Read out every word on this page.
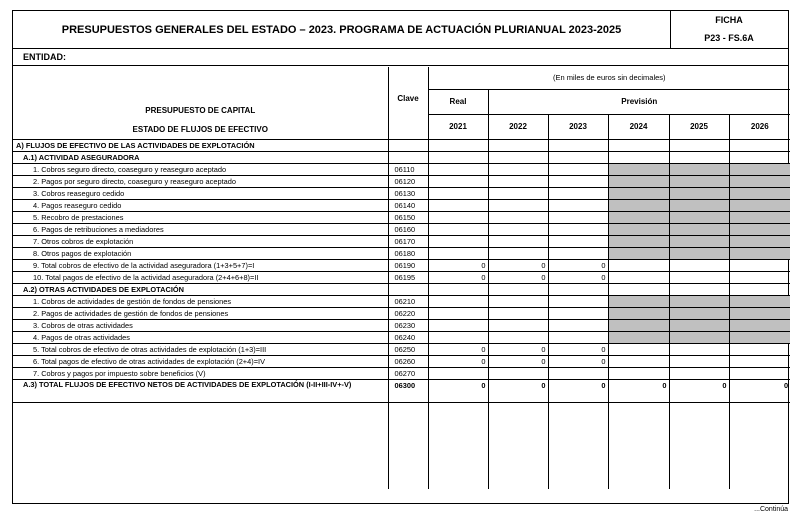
PRESUPUESTOS GENERALES DEL ESTADO – 2023. PROGRAMA DE ACTUACIÓN PLURIANUAL 2023-2025
FICHA
P23 - FS.6A
ENTIDAD:
PRESUPUESTO DE CAPITAL
ESTADO DE FLUJOS DE EFECTIVO	Clave	(En miles de euros sin decimales)					
		Real	Previsión				
		2021	2022	2023	2024	2025	2026
A) FLUJOS DE EFECTIVO DE LAS ACTIVIDADES DE EXPLOTACIÓN							
A.1) ACTIVIDAD ASEGURADORA							
1. Cobros seguro directo, coaseguro y reaseguro aceptado	06110						
2. Pagos por seguro directo, coaseguro y reaseguro aceptado	06120						
3. Cobros reaseguro cedido	06130						
4. Pagos reaseguro cedido	06140						
5. Recobro de prestaciones	06150						
6. Pagos de retribuciones a mediadores	06160						
7. Otros cobros de explotación	06170						
8. Otros pagos de explotación	06180						
9. Total cobros de efectivo de la actividad aseguradora (1+3+5+7)=I	06190	0	0	0			
10. Total pagos de efectivo de la actividad aseguradora (2+4+6+8)=II	06195	0	0	0			
A.2) OTRAS ACTIVIDADES DE EXPLOTACIÓN							
1. Cobros de actividades de gestión de fondos de pensiones	06210						
2. Pagos de actividades de gestión de fondos de pensiones	06220						
3. Cobros de otras actividades	06230						
4. Pagos de otras actividades	06240						
5. Total cobros de efectivo de otras actividades de explotación (1+3)=III	06250	0	0	0			
6. Total pagos de efectivo de otras actividades de explotación (2+4)=IV	06260	0	0	0			
7. Cobros y pagos por impuesto sobre beneficios (V)	06270						
A.3) TOTAL FLUJOS DE EFECTIVO NETOS DE ACTIVIDADES DE EXPLOTACIÓN (I-II+III-IV+-V)	06300	0	0	0	0	0	0

...Continúa
